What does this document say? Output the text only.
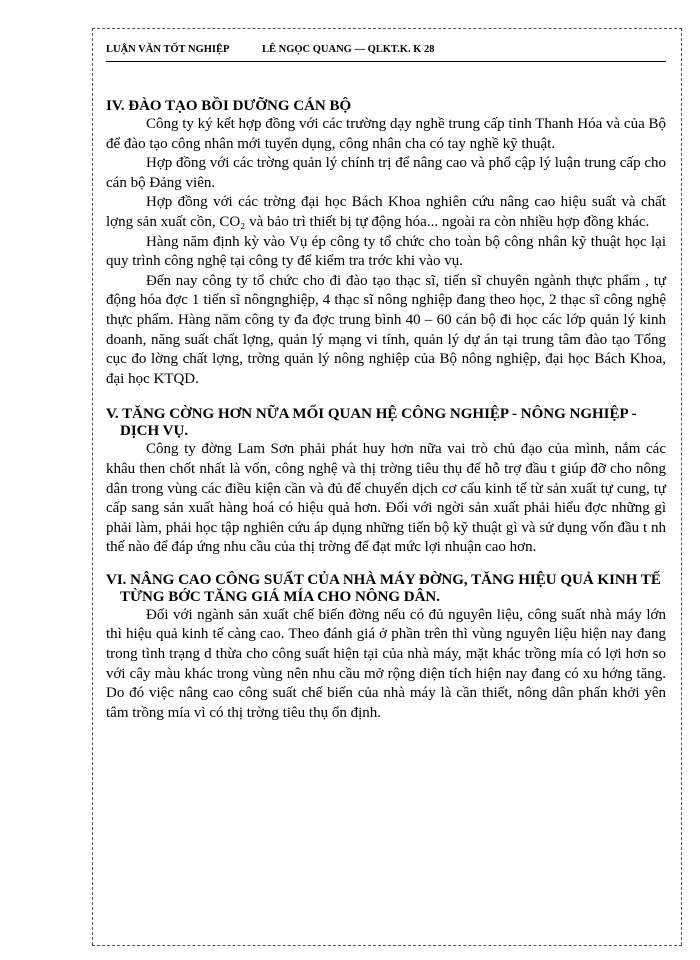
LUẬN VĂN TỐT NGHIỆP	LÊ NGỌC QUANG — QLKT.K. K 28
IV. ĐÀO TẠO BỒI DƯỠNG CÁN BỘ

Công ty ký kết hợp đồng với các trường dạy nghề trung cấp tỉnh Thanh Hóa và của Bộ để đào tạo công nhân mới tuyển dụng, công nhân cha có tay nghề kỹ thuật.

Hợp đồng với các trờng quản lý chính trị để nâng cao và phổ cập lý luận trung cấp cho cán bộ Đảng viên.

Hợp đồng với các trờng đại học Bách Khoa nghiên cứu nâng cao hiệu suất và chất lợng sản xuất cồn, CO₂ và bảo trì thiết bị tự động hóa... ngoài ra còn nhiều hợp đồng khác.

Hàng năm định kỳ vào Vụ ép công ty tổ chức cho toàn bộ công nhân kỹ thuật học lại quy trình công nghệ tại công ty để kiểm tra trớc khi vào vụ.

Đến nay công ty tổ chức cho đi đào tạo thạc sĩ, tiến sĩ chuyên ngành thực phẩm , tự động hóa đợc 1 tiến sĩ nôngnghiệp, 4 thạc sĩ nông nghiệp đang theo học, 2 thạc sĩ công nghệ thực phẩm. Hàng năm công ty đa đợc trung bình 40 – 60 cán bộ đi học các lớp quản lý kinh doanh, năng suất chất lợng, quản lý mạng vi tính, quản lý dự án tại trung tâm đào tạo Tổng cục đo lờng chất lợng, trờng quản lý nông nghiệp của Bộ nông nghiệp, đại học Bách Khoa, đại học KTQD.

V. TĂNG CỜNG HƠN NỮA MỐI QUAN HỆ CÔNG NGHIỆP - NÔNG NGHIỆP - DỊCH VỤ.

Công ty đờng Lam Sơn phải phát huy hơn nữa vai trò chủ đạo của mình, nắm các khâu then chốt nhất là vốn, công nghệ và thị trờng tiêu thụ để hỗ trợ đầu t giúp đỡ cho nông dân trong vùng các điều kiện cần và đủ để chuyển dịch cơ cấu kinh tế từ sản xuất tự cung, tự cấp sang sản xuất hàng hoá có hiệu quả hơn. Đối với ngời sản xuất phải hiểu đợc những gì phải làm, phải học tập nghiên cứu áp dụng những tiến bộ kỹ thuật gì và sử dụng vốn đầu t nh thế nào để đáp ứng nhu cầu của thị trờng để đạt mức lợi nhuận cao hơn.

VI. NÂNG CAO CÔNG SUẤT CỦA NHÀ MÁY ĐỜNG, TĂNG HIỆU QUẢ KINH TẾ TỪNG BỚC TĂNG GIÁ MÍA CHO NÔNG DÂN.

Đối với ngành sản xuất chế biến đờng nếu có đủ nguyên liệu, công suất nhà máy lớn thì hiệu quả kinh tế càng cao. Theo đánh giá ở phần trên thì vùng nguyên liệu hiện nay đang trong tình trạng d thừa cho công suất hiện tại của nhà máy, mặt khác trồng mía có lợi hơn so với cây màu khác trong vùng nên nhu cầu mở rộng diện tích hiện nay đang có xu hớng tăng. Do đó việc nâng cao công suất chế biến của nhà máy là cần thiết, nông dân phấn khởi yên tâm trồng mía vì có thị trờng tiêu thụ ổn định.
